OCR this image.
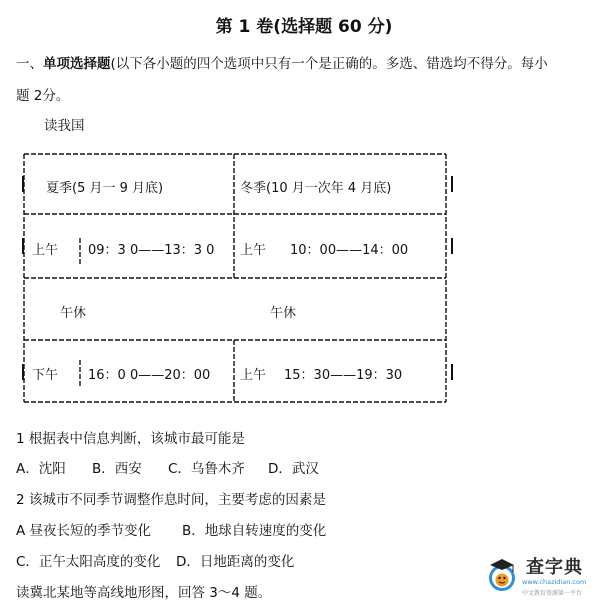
第 1 卷(选择题 60 分)
一、单项选择题(以下各小题的四个选项中只有一个是正确的。多选、错选均不得分。每小
题 2分。
读我国
夏季(5 月一 9 月底)	冬季(10 月一次年 4 月底)
上午 09：3 0——13：3 0 上午 10：00——14：00
午休	午休
下午 16：0 0——20：00 上午 15：30——19：30
1 根据表中信息判断，该城市最可能是
A．沈阳 B．西安 C．乌鲁木齐 D．武汉
2 该城市不同季节调整作息时间，主要考虑的因素是
A 昼夜长短的季节变化 B．地球自转速度的变化
C．正午太阳高度的变化 D．日地距离的变化
读冀北某地等高线地形图，回答 3～4 题。
查字典
www.chazidian.com
中文教育资源第一平台
